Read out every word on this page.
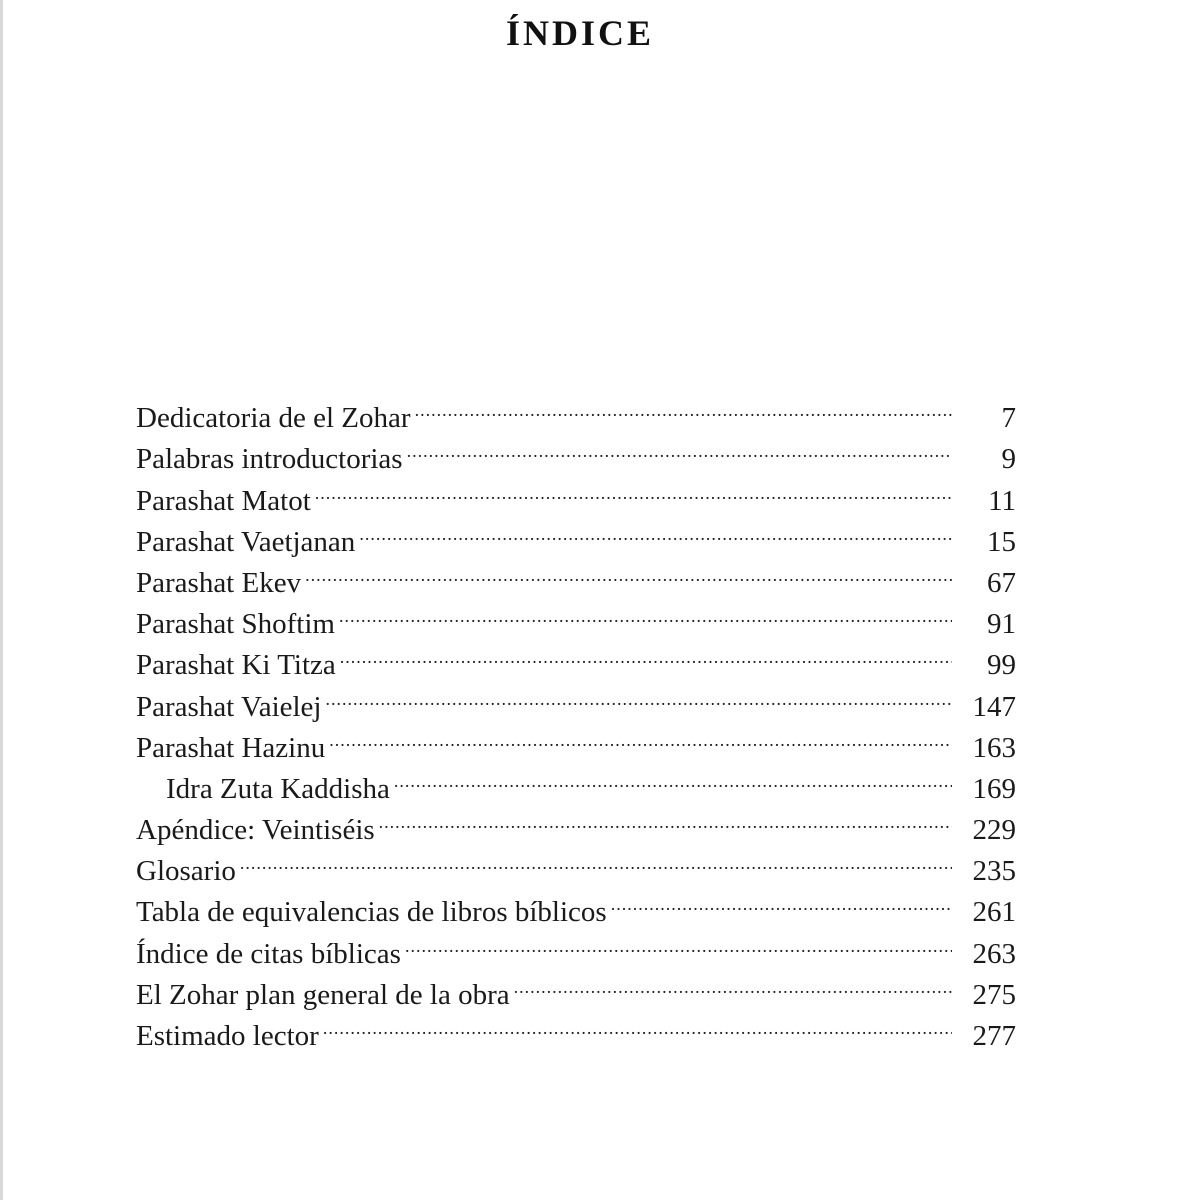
ÍNDICE
Dedicatoria de el Zohar .....	7
Palabras introductorias .....	9
Parashat Matot .....	11
Parashat Vaetjanan .....	15
Parashat Ekev .....	67
Parashat Shoftim .....	91
Parashat Ki Titza .....	99
Parashat Vaielej .....	147
Parashat Hazinu .....	163
Idra Zuta Kaddisha .....	169
Apéndice: Veintiséis .....	229
Glosario .....	235
Tabla de equivalencias de libros bíblicos .....	261
Índice de citas bíblicas .....	263
El Zohar plan general de la obra .....	275
Estimado lector .....	277
